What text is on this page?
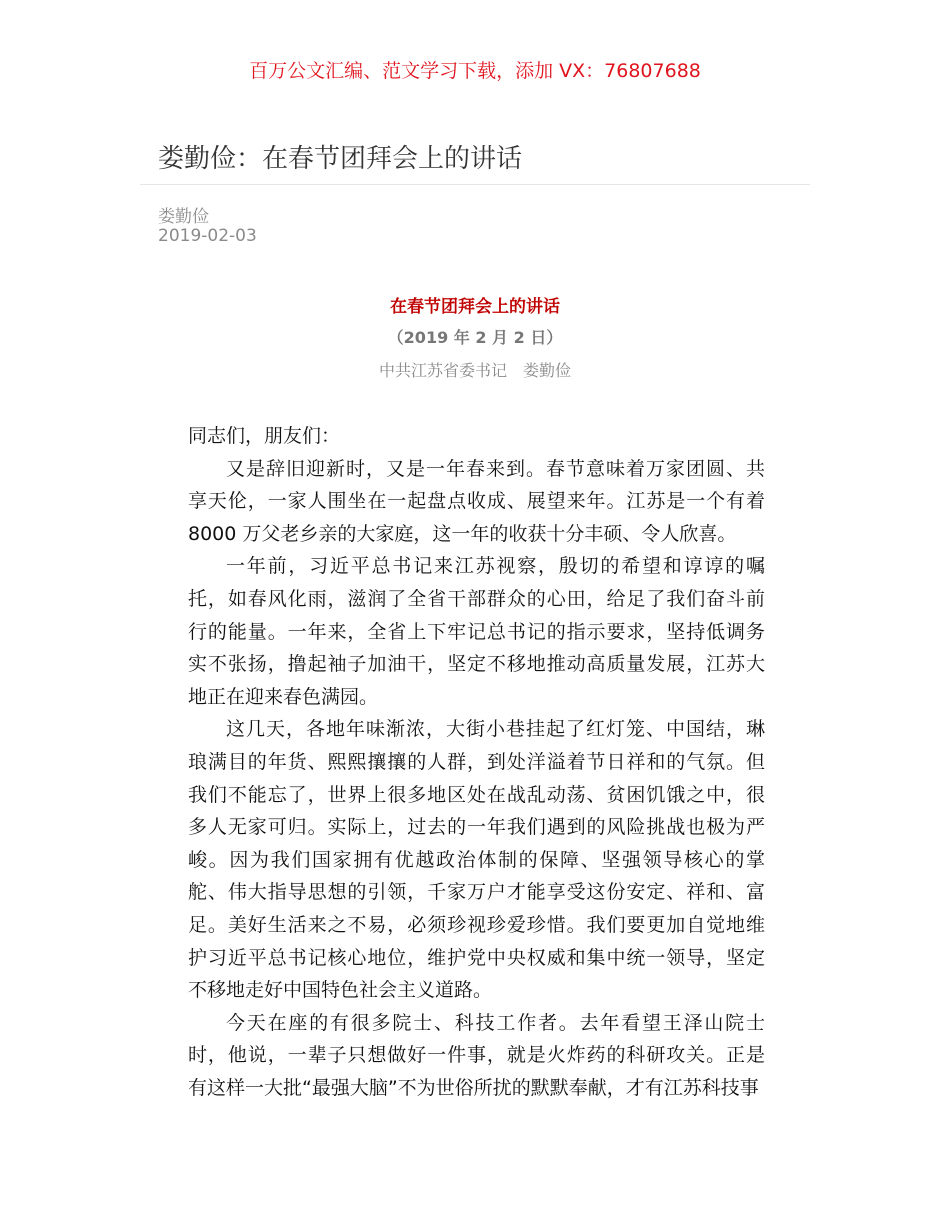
百万公文汇编、范文学习下载，添加 VX：76807688
娄勤俭：在春节团拜会上的讲话
娄勤俭
2019-02-03
在春节团拜会上的讲话
（2019 年 2 月 2 日）
中共江苏省委书记　娄勤俭
同志们，朋友们：
又是辞旧迎新时，又是一年春来到。春节意味着万家团圆、共
享天伦，一家人围坐在一起盘点收成、展望来年。江苏是一个有着
8000 万父老乡亲的大家庭，这一年的收获十分丰硕、令人欣喜。
一年前，习近平总书记来江苏视察，殷切的希望和谆谆的嘱
托，如春风化雨，滋润了全省干部群众的心田，给足了我们奋斗前
行的能量。一年来，全省上下牢记总书记的指示要求，坚持低调务
实不张扬，撸起袖子加油干，坚定不移地推动高质量发展，江苏大
地正在迎来春色满园。
这几天，各地年味渐浓，大街小巷挂起了红灯笼、中国结，琳
琅满目的年货、熙熙攘攘的人群，到处洋溢着节日祥和的气氛。但
我们不能忘了，世界上很多地区处在战乱动荡、贫困饥饿之中，很
多人无家可归。实际上，过去的一年我们遇到的风险挑战也极为严
峻。因为我们国家拥有优越政治体制的保障、坚强领导核心的掌
舵、伟大指导思想的引领，千家万户才能享受这份安定、祥和、富
足。美好生活来之不易，必须珍视珍爱珍惜。我们要更加自觉地维
护习近平总书记核心地位，维护党中央权威和集中统一领导，坚定
不移地走好中国特色社会主义道路。
今天在座的有很多院士、科技工作者。去年看望王泽山院士
时，他说，一辈子只想做好一件事，就是火炸药的科研攻关。正是
有这样一大批“最强大脑”不为世俗所扰的默默奉献，才有江苏科技事
